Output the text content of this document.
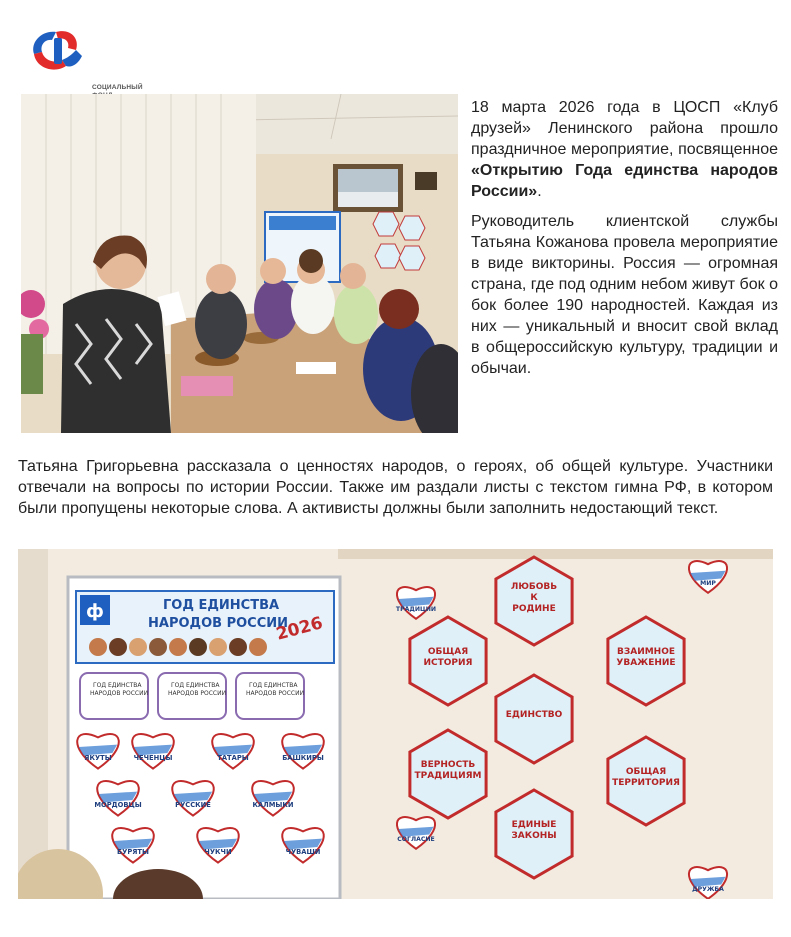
СОЦИАЛЬНЫЙ

18 марта 2026 года в ЦОСП «Клуб друзей» Ленинского района прошло праздничное мероприятие, посвященное «Открытию Года единства народов России».

Руководитель клиентской службы Татьяна Кожанова провела мероприятие в виде викторины. Россия — огромная страна, где под одним небом живут бок о бок более 190 народностей. Каждая из них — уникальный и вносит свой вклад в общероссийскую культуру, традиции и обычаи.

Татьяна Григорьевна рассказала о ценностях народов, о героях, об общей культуре. Участники отвечали на вопросы по истории России. Также им раздали листы с текстом гимна РФ, в котором были пропущены некоторые слова. А активисты должны были заполнить недостающий текст.

ф	ГОД ЕДИНСТВА
НАРОДОВ РОССИИ
2026
ГОД ЕДИНСТВА
НАРОДОВ РОССИИ
ГОД ЕДИНСТВА
НАРОДОВ РОССИИ
ГОД ЕДИНСТВА
НАРОДОВ РОССИИ
ЯКУТЫ	ЧЕЧЕНЦЫ	ТАТАРЫ	БАШКИРЫ
МОРДОВЦЫ	РУССКИЕ	КАЛМЫКИ
БУРЯТЫ	ЧУКЧИ	ЧУВАШИ
ЛЮБОВЬ
К
РОДИНЕ
ОБЩАЯ
ИСТОРИЯ
ВЗАИМНОЕ
УВАЖЕНИЕ
ЕДИНСТВО
ВЕРНОСТЬ
ТРАДИЦИЯМ	ОБЩАЯ
ТЕРРИТОРИЯ
ЕДИНЫЕ
ЗАКОНЫ
МИР
ТРАДИЦИИ
СОГЛАСИЕ
ДРУЖБА
